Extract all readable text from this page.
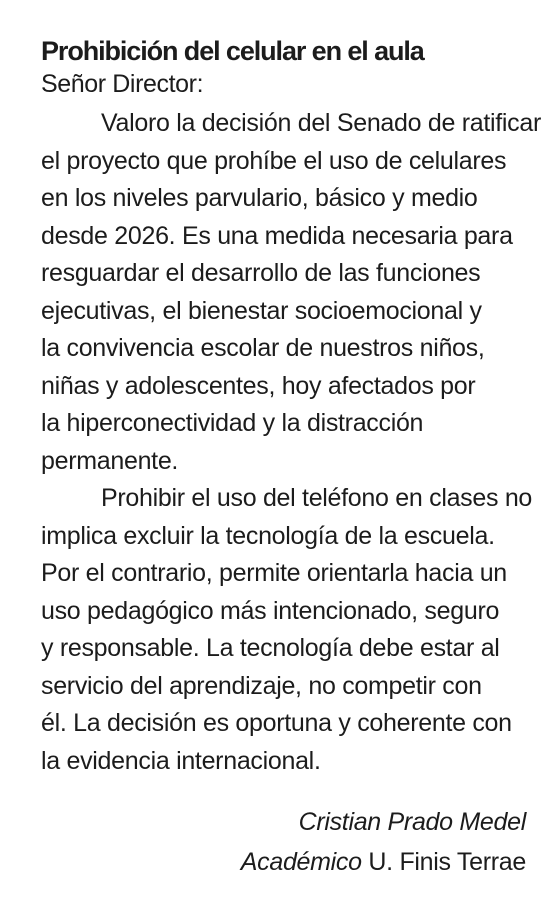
Prohibición del celular en el aula

Señor Director:

Valoro la decisión del Senado de ratificar
el proyecto que prohíbe el uso de celulares
en los niveles parvulario, básico y medio
desde 2026. Es una medida necesaria para
resguardar el desarrollo de las funciones
ejecutivas, el bienestar socioemocional y
la convivencia escolar de nuestros niños,
niñas y adolescentes, hoy afectados por
la hiperconectividad y la distracción
permanente.

Prohibir el uso del teléfono en clases no
implica excluir la tecnología de la escuela.
Por el contrario, permite orientarla hacia un
uso pedagógico más intencionado, seguro
y responsable. La tecnología debe estar al
servicio del aprendizaje, no competir con
él. La decisión es oportuna y coherente con
la evidencia internacional.

Cristian Prado Medel
Académico U. Finis Terrae
